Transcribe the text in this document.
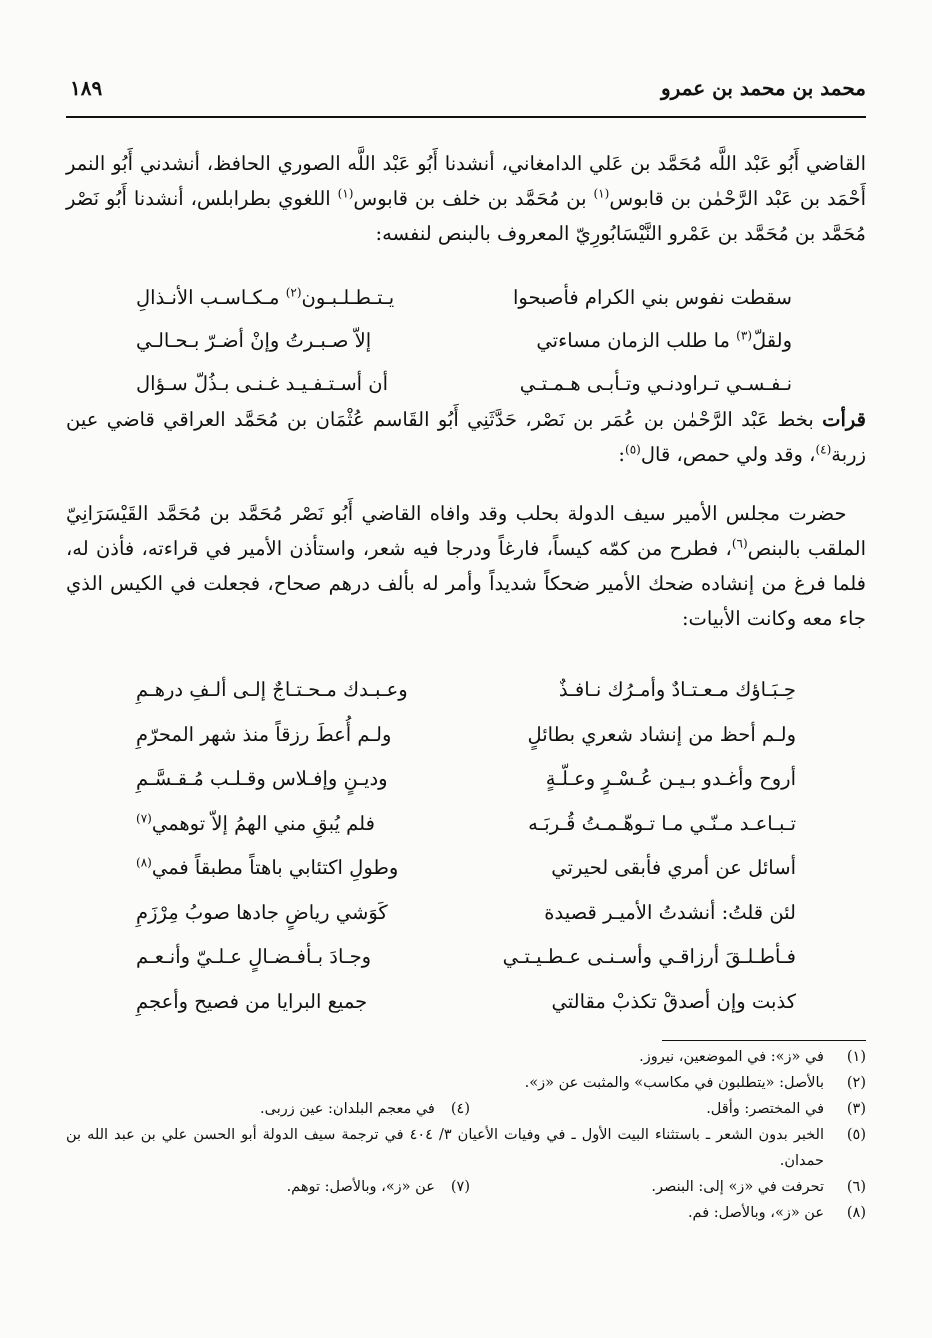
محمد بن محمد بن عمرو
١٨٩
القاضي أَبُو عَبْد اللَّه مُحَمَّد بن عَلي الدامغاني، أنشدنا أَبُو عَبْد اللَّه الصوري الحافظ، أنشدني أَبُو النمر أَحْمَد بن عَبْد الرَّحْمٰن بن قابوس$^{(١)}$ بن مُحَمَّد بن خلف بن قابوس$^{(١)}$ اللغوي بطرابلس، أنشدنا أَبُو نَصْر مُحَمَّد بن مُحَمَّد بن عَمْرو النَّيْسَابُورِيّ المعروف بالبنص لنفسه:
سقطت نفوس بني الكرام فأصبحوا
يـتـطـلـبـون$^{(٢)}$ مـكـاسـب الأنـذالِ
ولقلّ$^{(٣)}$ ما طلب الزمان مساءتي
إلاّ صـبـرتُ وإنْ أضـرّ بـحـالـي
نـفـسـي تـراودنـي وتـأبـى هـمـتـي
أن أسـتـفـيـد غـنـى بـذُلّ سـؤال
قرأت بخط عَبْد الرَّحْمٰن بن عُمَر بن نَصْر، حَدَّثَنِي أَبُو القَاسم عُثْمَان بن مُحَمَّد العراقي قاضي عين زربة$^{(٤)}$، وقد ولي حمص، قال$^{(٥)}$:
 حضرت مجلس الأمير سيف الدولة بحلب وقد وافاه القاضي أَبُو نَصْر مُحَمَّد بن مُحَمَّد القَيْسَرَانِيّ الملقب بالبنص$^{(٦)}$، فطرح من كمّه كيساً، فارغاً ودرجا فيه شعر، واستأذن الأمير في قراءته، فأذن له، فلما فرغ من إنشاده ضحك الأمير ضحكاً شديداً وأمر له بألف درهم صحاح، فجعلت في الكيس الذي جاء معه وكانت الأبيات:
حِـبَـاؤك مـعـتـادٌ وأمـرُك نـافـذٌ
وعـبـدك مـحـتـاجٌ إلـى ألـفِ درهـمِ
ولـم أحظ من إنشاد شعري بطائلٍ
ولـم أُعطَ رزقاً منذ شهر المحرّمِ
أروح وأغـدو بـيـن عُـسْـرٍ وعـلّـةٍ
وديـنٍ وإفـلاس وقـلـب مُـقـسَّـمِ
تـبـاعـد مـنّـي مـا تـوهّـمـتُ قُـربَـه
فلم يُبقِ مني الهمُ إلاّ توهمي$^{(٧)}$
أسائل عن أمري فأبقى لحيرتي
وطولِ اكتئابي باهتاً مطبقاً فمي$^{(٨)}$
لئن قلتُ: أنشدتُ الأميـر قصيدة
كَوَشي رياضٍ جادها صوبُ مِرْزَمِ
فـأطـلـقَ أرزاقـي وأسـنـى عـطـيـتـي
وجـادَ بـأفـضـالٍ عـلـيّ وأنـعـم
كذبت وإن أصدقْ تكذبْ مقالتي
جميع البرايا من فصيح وأعجمِ
(١)
في «ز»: في الموضعين، نيروز.
(٢)
بالأصل: «يتطلبون في مكاسب» والمثبت عن «ز».
(٣)
في المختصر: وأقل.
(٤)في معجم البلدان: عين زربى.
(٥)
الخبر بدون الشعر ـ باستثناء البيت الأول ـ في وفيات الأعيان ٣/ ٤٠٤ في ترجمة سيف الدولة أبو الحسن علي بن عبد الله بن حمدان.
(٦)
تحرفت في «ز» إلى: البنصر.
(٧)عن «ز»، وبالأصل: توهم.
(٨)
عن «ز»، وبالأصل: فم.
